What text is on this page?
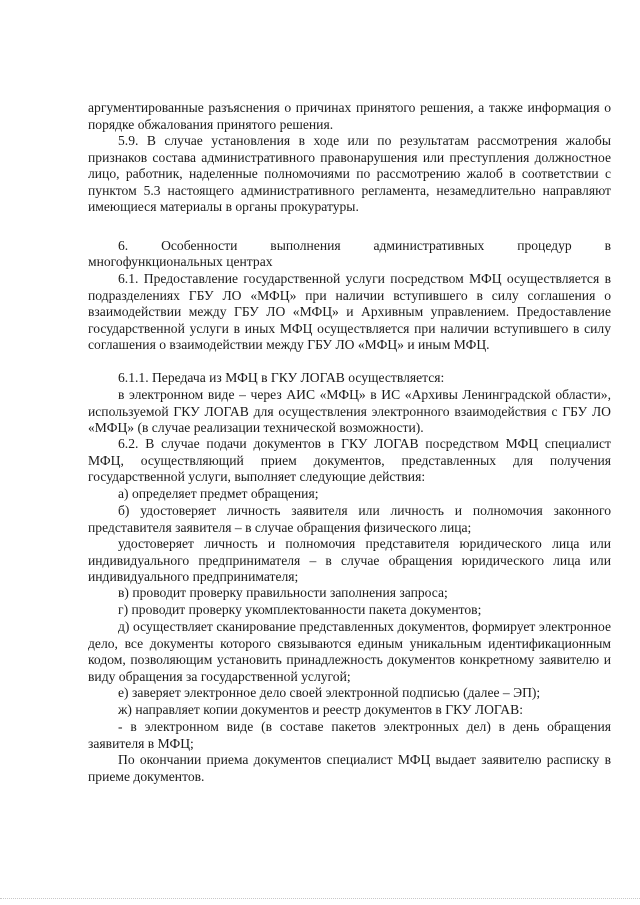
аргументированные разъяснения о причинах принятого решения, а также информация о порядке обжалования принятого решения.

5.9. В случае установления в ходе или по результатам рассмотрения жалобы признаков состава административного правонарушения или преступления должностное лицо, работник, наделенные полномочиями по рассмотрению жалоб в соответствии с пунктом 5.3 настоящего административного регламента, незамедлительно направляют имеющиеся материалы в органы прокуратуры.

6. Особенности выполнения административных процедур в

многофункциональных центрах

6.1. Предоставление государственной услуги посредством МФЦ осуществляется в подразделениях ГБУ ЛО «МФЦ» при наличии вступившего в силу соглашения о взаимодействии между ГБУ ЛО «МФЦ» и Архивным управлением. Предоставление государственной услуги в иных МФЦ осуществляется при наличии вступившего в силу соглашения о взаимодействии между ГБУ ЛО «МФЦ» и иным МФЦ.

6.1.1. Передача из МФЦ в ГКУ ЛОГАВ осуществляется:

в электронном виде – через АИС «МФЦ» в ИС «Архивы Ленинградской области», используемой ГКУ ЛОГАВ для осуществления электронного взаимодействия с ГБУ ЛО «МФЦ» (в случае реализации технической возможности).

6.2. В случае подачи документов в ГКУ ЛОГАВ посредством МФЦ специалист МФЦ, осуществляющий прием документов, представленных для получения государственной услуги, выполняет следующие действия:

а) определяет предмет обращения;

б) удостоверяет личность заявителя или личность и полномочия законного представителя заявителя – в случае обращения физического лица;

удостоверяет личность и полномочия представителя юридического лица или индивидуального предпринимателя – в случае обращения юридического лица или индивидуального предпринимателя;

в) проводит проверку правильности заполнения запроса;

г) проводит проверку укомплектованности пакета документов;

д) осуществляет сканирование представленных документов, формирует электронное дело, все документы которого связываются единым уникальным идентификационным кодом, позволяющим установить принадлежность документов конкретному заявителю и виду обращения за государственной услугой;

е) заверяет электронное дело своей электронной подписью (далее – ЭП);

ж) направляет копии документов и реестр документов в ГКУ ЛОГАВ:

- в электронном виде (в составе пакетов электронных дел) в день обращения заявителя в МФЦ;

По окончании приема документов специалист МФЦ выдает заявителю расписку в приеме документов.
